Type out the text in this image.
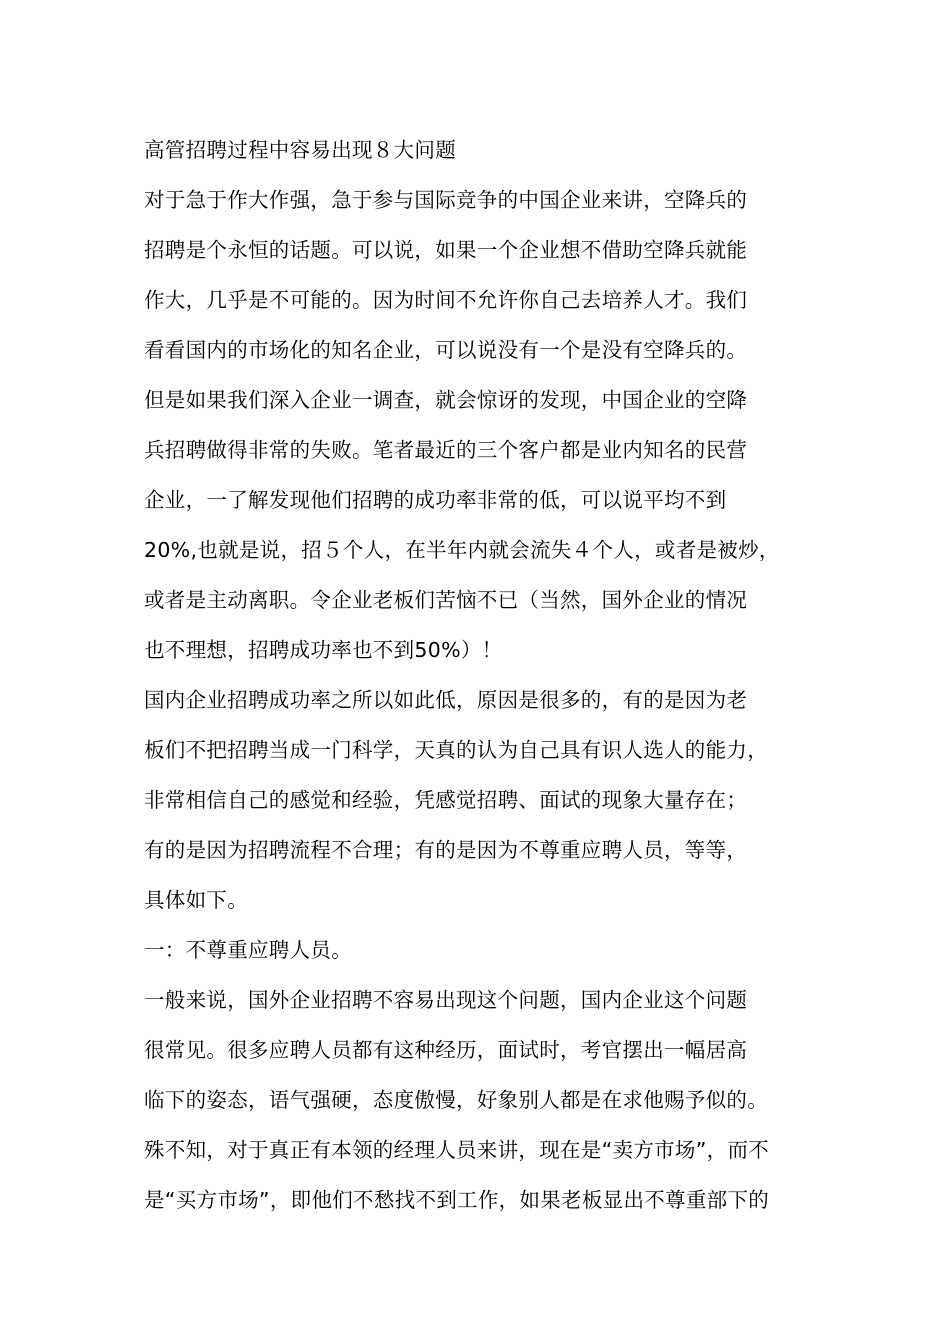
高管招聘过程中容易出现８大问题
对于急于作大作强，急于参与国际竞争的中国企业来讲，空降兵的
招聘是个永恒的话题。可以说，如果一个企业想不借助空降兵就能
作大，几乎是不可能的。因为时间不允许你自己去培养人才。我们
看看国内的市场化的知名企业，可以说没有一个是没有空降兵的。
但是如果我们深入企业一调查，就会惊讶的发现，中国企业的空降
兵招聘做得非常的失败。笔者最近的三个客户都是业内知名的民营
企业，一了解发现他们招聘的成功率非常的低，可以说平均不到
20%,也就是说，招５个人，在半年内就会流失４个人，或者是被炒，
或者是主动离职。令企业老板们苦恼不已（当然，国外企业的情况
也不理想，招聘成功率也不到50%）！
国内企业招聘成功率之所以如此低，原因是很多的，有的是因为老
板们不把招聘当成一门科学，天真的认为自己具有识人选人的能力，
非常相信自己的感觉和经验，凭感觉招聘、面试的现象大量存在；
有的是因为招聘流程不合理；有的是因为不尊重应聘人员，等等，
具体如下。
一：不尊重应聘人员。
一般来说，国外企业招聘不容易出现这个问题，国内企业这个问题
很常见。很多应聘人员都有这种经历，面试时，考官摆出一幅居高
临下的姿态，语气强硬，态度傲慢，好象别人都是在求他赐予似的。
殊不知，对于真正有本领的经理人员来讲，现在是“卖方市场”，而不
是“买方市场”，即他们不愁找不到工作，如果老板显出不尊重部下的
